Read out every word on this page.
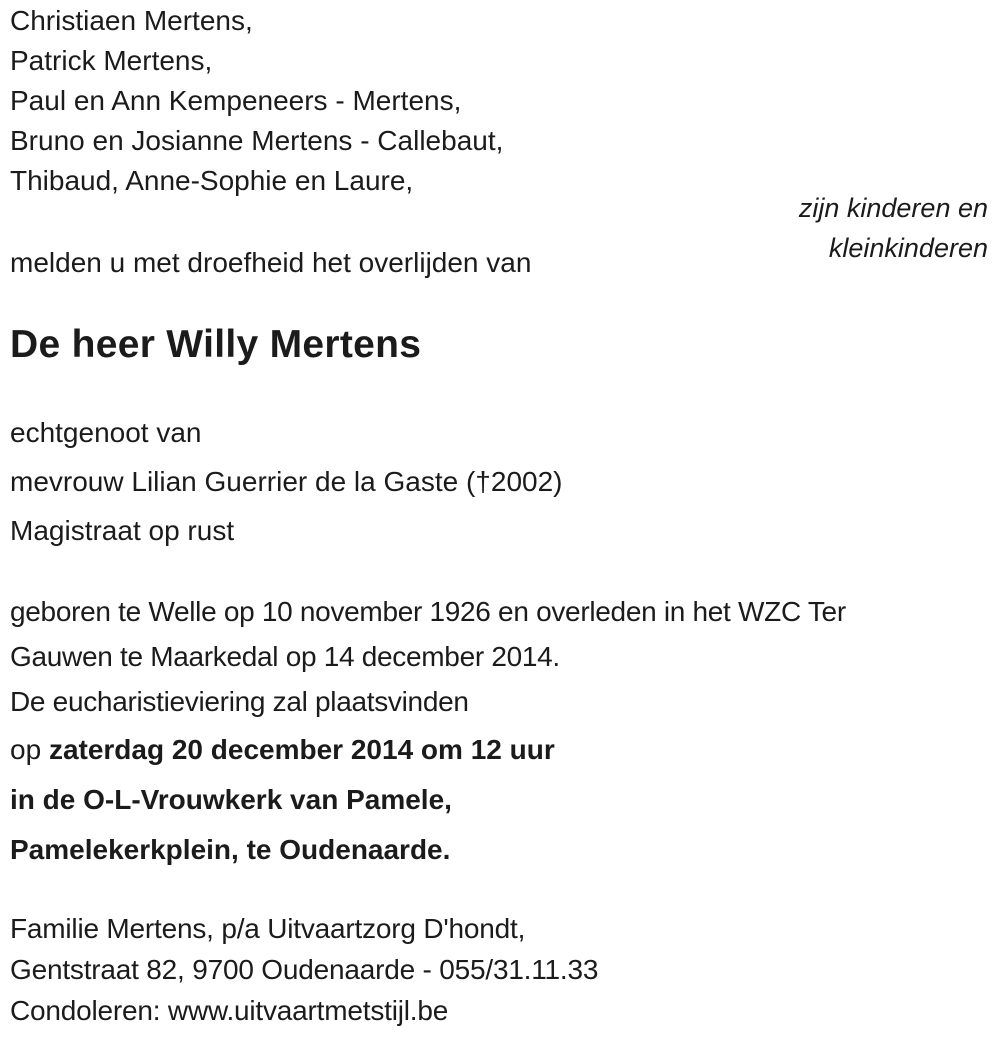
Christiaen Mertens,
Patrick Mertens,
Paul en Ann Kempeneers - Mertens,
Bruno en Josianne Mertens - Callebaut,
Thibaud, Anne-Sophie en Laure,
zijn kinderen en
kleinkinderen
melden u met droefheid het overlijden van
De heer Willy Mertens
echtgenoot van
mevrouw Lilian Guerrier de la Gaste (†2002)
Magistraat op rust
geboren te Welle op 10 november 1926 en overleden in het WZC Ter
Gauwen te Maarkedal op 14 december 2014.
De eucharistieviering zal plaatsvinden
op zaterdag 20 december 2014 om 12 uur
in de O-L-Vrouwkerk van Pamele,
Pamelekerkplein, te Oudenaarde.
Familie Mertens, p/a Uitvaartzorg D'hondt,
Gentstraat 82, 9700 Oudenaarde - 055/31.11.33
Condoleren: www.uitvaartmetstijl.be
